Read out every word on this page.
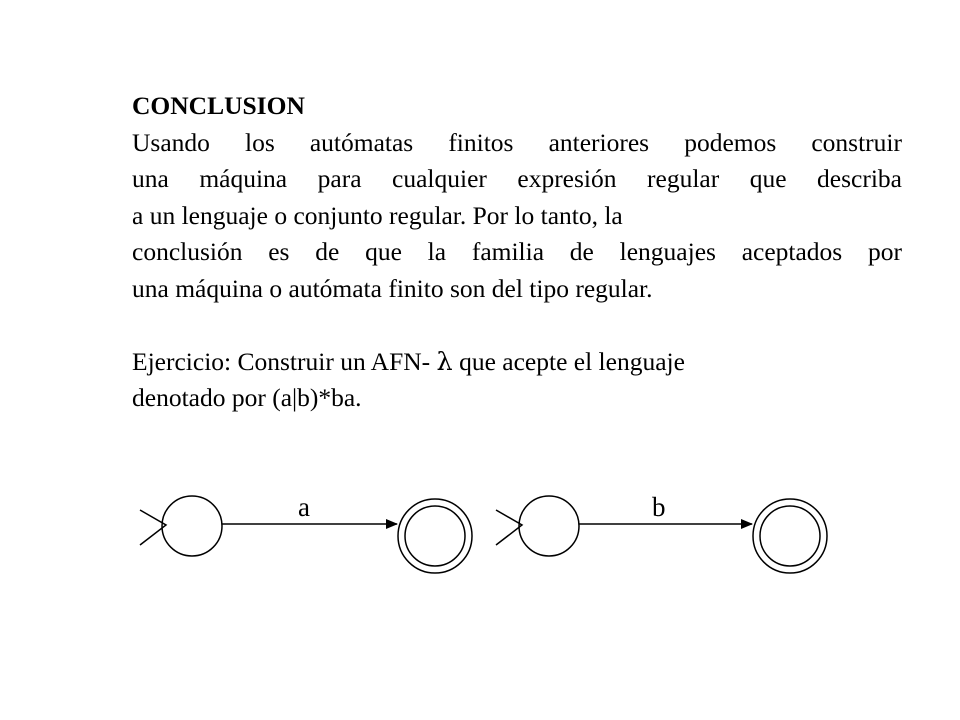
CONCLUSION
Usando los autómatas finitos anteriores podemos construir
una máquina para cualquier expresión regular que describa
a un lenguaje o conjunto regular. Por lo tanto, la
conclusión es de que la familia de lenguajes aceptados por
una máquina o autómata finito son del tipo regular.
Ejercicio: Construir un AFN- λ que acepte el lenguaje
denotado por (a|b)*ba.
a	b
